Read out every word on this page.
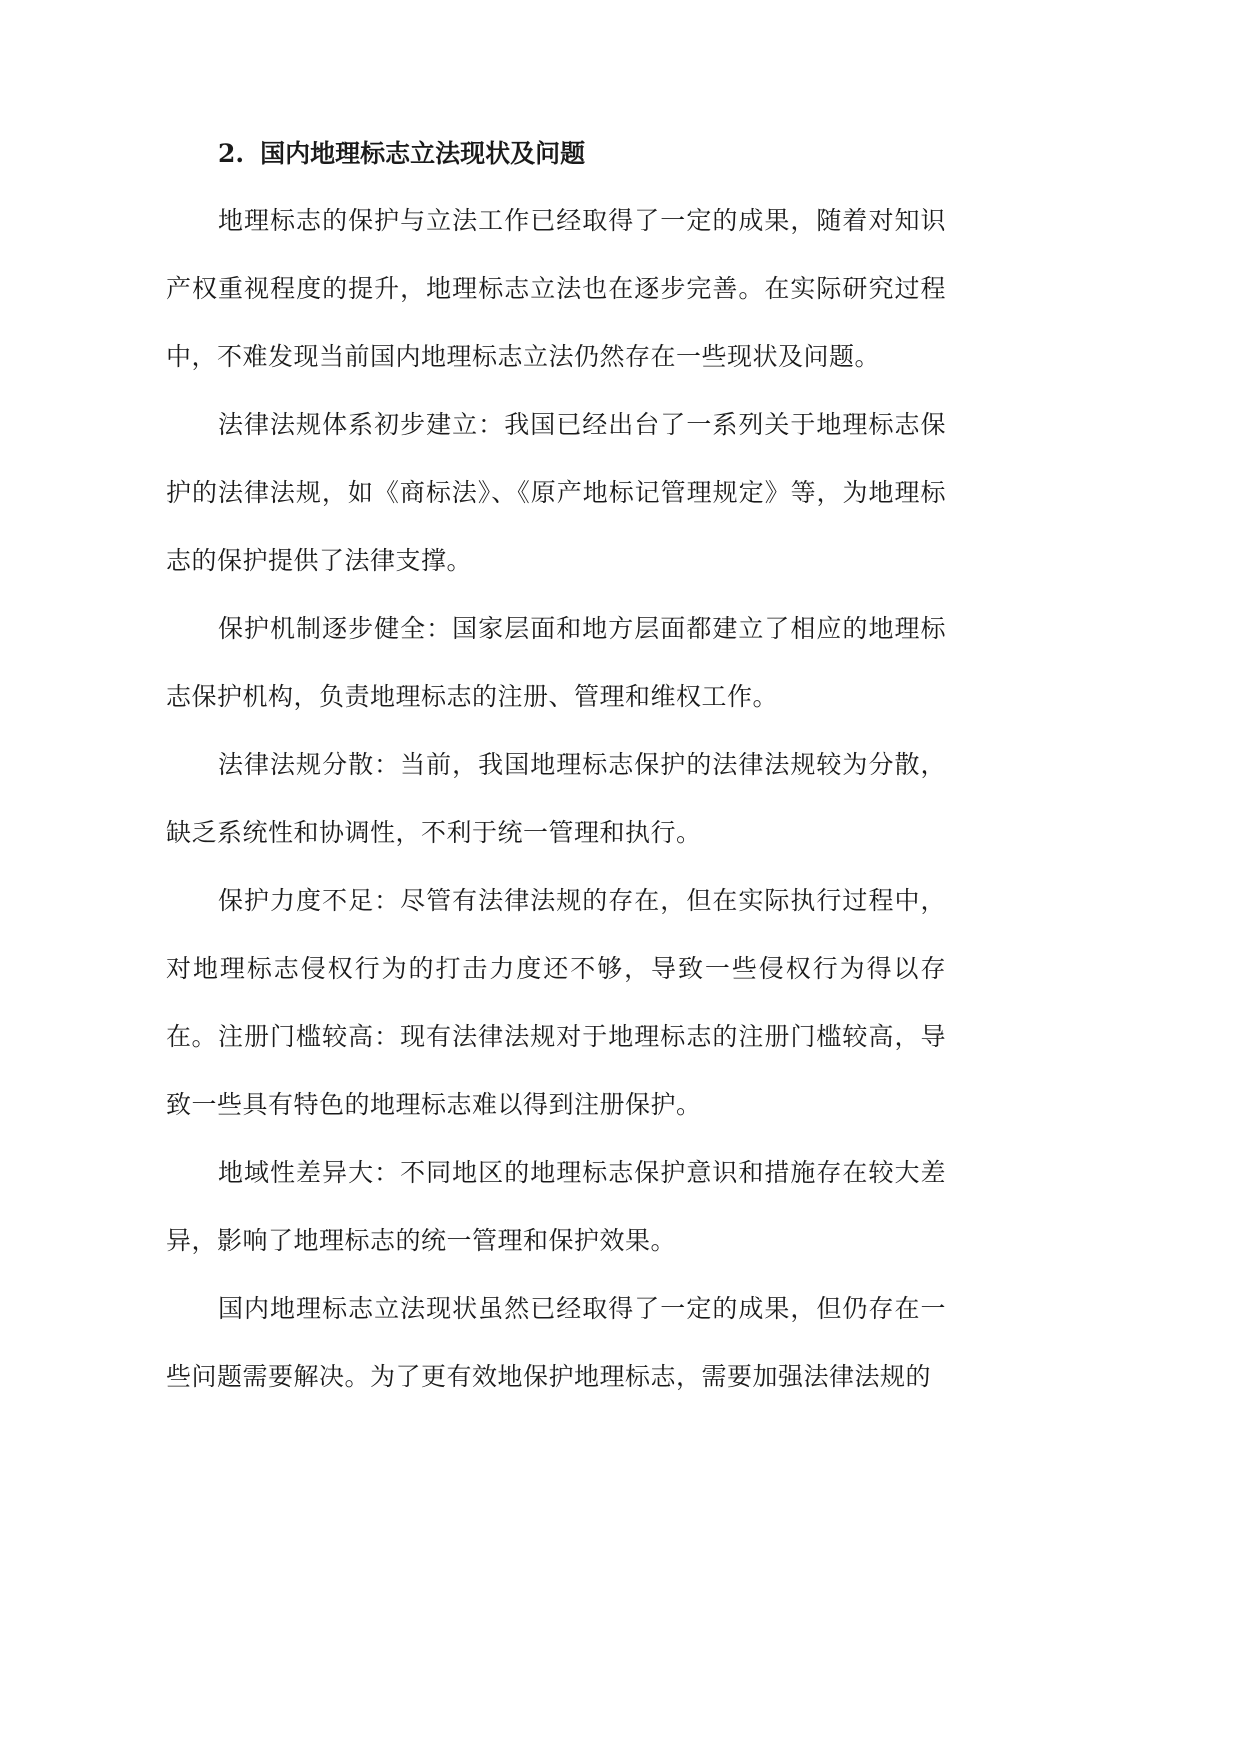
2. 国内地理标志立法现状及问题

地理标志的保护与立法工作已经取得了一定的成果，随着对知识产权重视程度的提升，地理标志立法也在逐步完善。在实际研究过程中，不难发现当前国内地理标志立法仍然存在一些现状及问题。

法律法规体系初步建立：我国已经出台了一系列关于地理标志保护的法律法规，如《商标法》、《原产地标记管理规定》等，为地理标志的保护提供了法律支撑。

保护机制逐步健全：国家层面和地方层面都建立了相应的地理标志保护机构，负责地理标志的注册、管理和维权工作。

法律法规分散：当前，我国地理标志保护的法律法规较为分散，缺乏系统性和协调性，不利于统一管理和执行。

保护力度不足：尽管有法律法规的存在，但在实际执行过程中，对地理标志侵权行为的打击力度还不够，导致一些侵权行为得以存在。 注册门槛较高：现有法律法规对于地理标志的注册门槛较高，导致一些具有特色的地理标志难以得到注册保护。

地域性差异大：不同地区的地理标志保护意识和措施存在较大差异，影响了地理标志的统一管理和保护效果。

国内地理标志立法现状虽然已经取得了一定的成果，但仍存在一些问题需要解决。为了更有效地保护地理标志，需要加强法律法规的
